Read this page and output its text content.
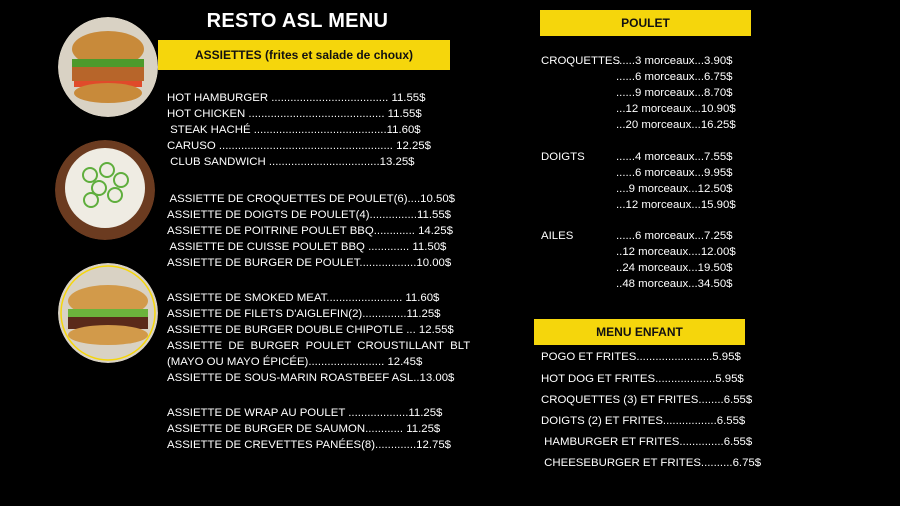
RESTO ASL MENU
ASSIETTES (frites et salade de choux)
HOT HAMBURGER ..................................... 11.55$
HOT CHICKEN ........................................... 11.55$
STEAK HACHÉ ..........................................11.60$
CARUSO ....................................................... 12.25$
CLUB SANDWICH ...................................13.25$
ASSIETTE DE CROQUETTES DE POULET(6)....10.50$
ASSIETTE DE DOIGTS DE POULET(4)...............11.55$
ASSIETTE DE POITRINE POULET BBQ............. 14.25$
ASSIETTE DE CUISSE POULET BBQ ............. 11.50$
ASSIETTE DE BURGER DE POULET..................10.00$
ASSIETTE DE SMOKED MEAT........................ 11.60$
ASSIETTE DE FILETS D'AIGLEFIN(2)..............11.25$
ASSIETTE DE BURGER DOUBLE CHIPOTLE ... 12.55$
ASSIETTE  DE  BURGER  POULET  CROUSTILLANT  BLT
(MAYO OU MAYO ÉPICÉE)........................ 12.45$
ASSIETTE DE SOUS-MARIN ROASTBEEF ASL..13.00$
ASSIETTE DE WRAP AU POULET ...................11.25$
ASSIETTE DE BURGER DE SAUMON............ 11.25$
ASSIETTE DE CREVETTES PANÉES(8).............12.75$
POULET
CROQUETTES
......3 morceaux...3.90$
......6 morceaux...6.75$
......9 morceaux...8.70$
...12 morceaux...10.90$
...20 morceaux...16.25$
DOIGTS	......4 morceaux...7.55$
......6 morceaux...9.95$
....9 morceaux...12.50$
...12 morceaux...15.90$
AILES	......6 morceaux...7.25$
..12 morceaux....12.00$
..24 morceaux...19.50$
..48 morceaux...34.50$
MENU ENFANT
POGO ET FRITES........................5.95$
HOT DOG ET FRITES...................5.95$
CROQUETTES (3) ET FRITES........6.55$
DOIGTS (2) ET FRITES.................6.55$
HAMBURGER ET FRITES..............6.55$
CHEESEBURGER ET FRITES..........6.75$
